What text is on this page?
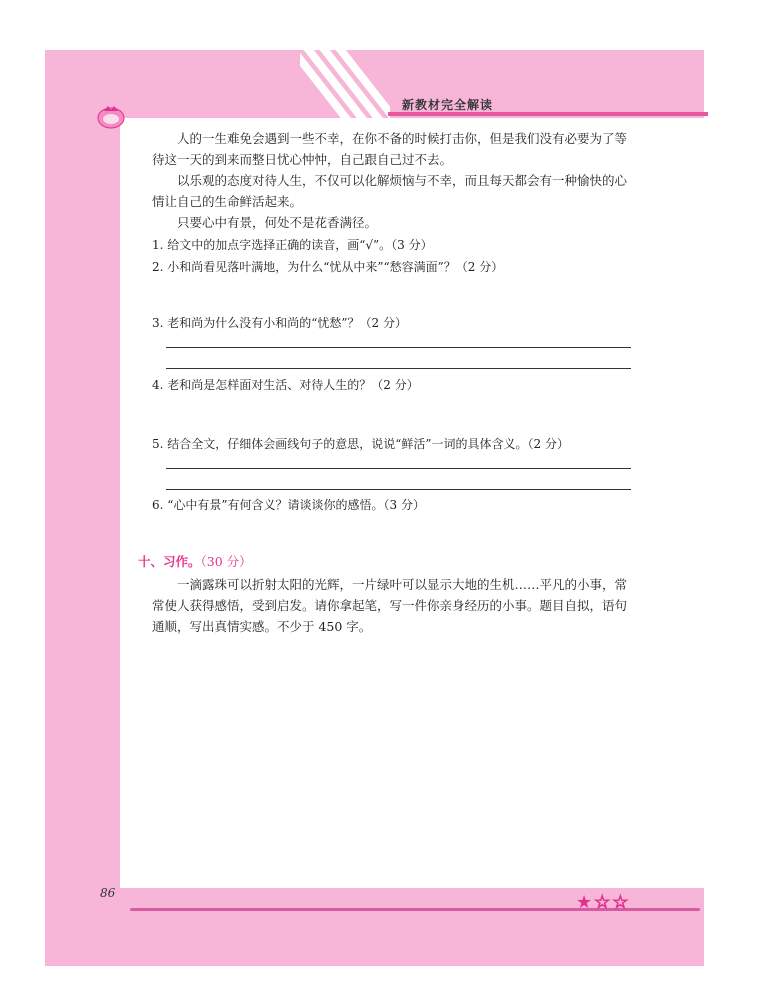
新教材完全解读

人的一生难免会遇到一些不幸，在你不备的时候打击你，但是我们没有必要为了等待这一天的到来而整日忧心忡忡，自己跟自己过不去。

以乐观的态度对待人生，不仅可以化解烦恼与不幸，而且每天都会有一种愉快的心情让自己的生命鲜活起来。

只要心中有景，何处不是花香满径。

1. 给文中的加点字选择正确的读音，画“√”。（3 分）
2. 小和尚看见落叶满地，为什么“忧从中来”“愁容满面”？（2 分）
3. 老和尚为什么没有小和尚的“忧愁”？（2 分）
4. 老和尚是怎样面对生活、对待人生的？（2 分）
5. 结合全文，仔细体会画线句子的意思，说说“鲜活”一词的具体含义。（2 分）
6. “心中有景”有何含义？请谈谈你的感悟。（3 分）
十、习作。（30 分）
一滴露珠可以折射太阳的光辉，一片绿叶可以显示大地的生机……平凡的小事，常常使人获得感悟，受到启发。请你拿起笔，写一件你亲身经历的小事。题目自拟，语句通顺，写出真情实感。不少于 450 字。
86	★☆☆
